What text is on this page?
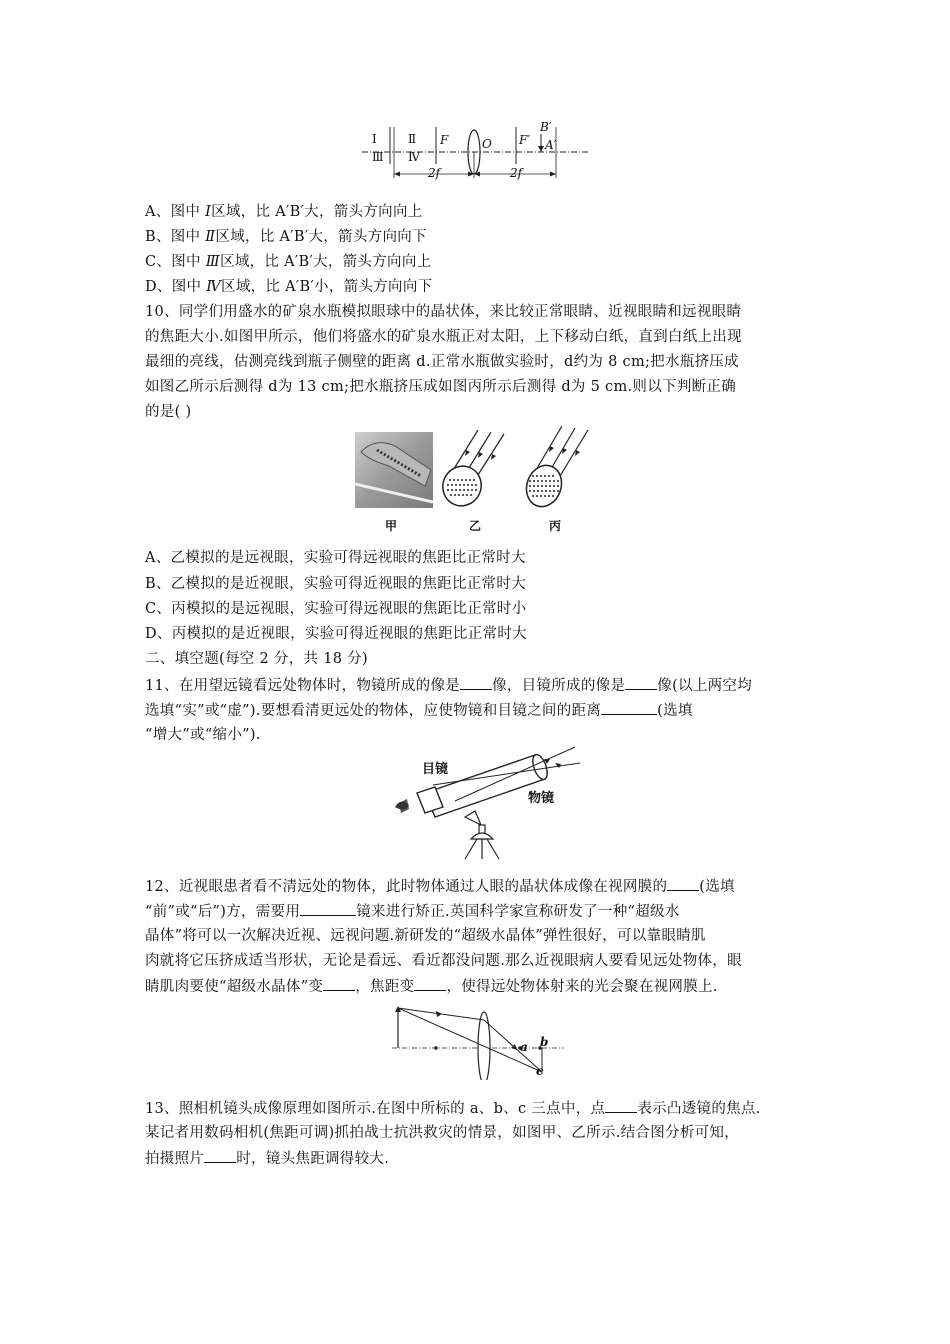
Ⅰ
Ⅲ
Ⅱ
Ⅳ
F	O F′
B′
A′
2f	2f
A、图中 Ⅰ区域，比 A′B′大，箭头方向向上
B、图中 Ⅱ区域，比 A′B′大，箭头方向向下
C、图中 Ⅲ区域，比 A′B′大，箭头方向向上
D、图中 Ⅳ区域，比 A′B′小，箭头方向向下
10、同学们用盛水的矿泉水瓶模拟眼球中的晶状体，来比较正常眼睛、近视眼睛和远视眼睛
的焦距大小.如图甲所示，他们将盛水的矿泉水瓶正对太阳，上下移动白纸，直到白纸上出现
最细的亮线，估测亮线到瓶子侧壁的距离 d.正常水瓶做实验时，d约为 8 cm;把水瓶挤压成
如图乙所示后测得 d为 13 cm;把水瓶挤压成如图丙所示后测得 d为 5 cm.则以下判断正确
的是( )
甲	乙	丙
A、乙模拟的是远视眼，实验可得远视眼的焦距比正常时大
B、乙模拟的是近视眼，实验可得近视眼的焦距比正常时大
C、丙模拟的是远视眼，实验可得远视眼的焦距比正常时小
D、丙模拟的是近视眼，实验可得近视眼的焦距比正常时大
二、填空题(每空 2 分，共 18 分)
11、在用望远镜看远处物体时，物镜所成的像是 像，目镜所成的像是 像(以上两空均
选填“实”或“虚”).要想看清更远处的物体，应使物镜和目镜之间的距离	(选填
“增大”或“缩小”).
目镜
物镜
12、近视眼患者看不清远处的物体，此时物体通过人眼的晶状体成像在视网膜的 (选填
“前”或“后”)方，需要用	镜来进行矫正.英国科学家宣称研发了一种“超级水
晶体”将可以一次解决近视、远视问题.新研发的“超级水晶体”弹性很好，可以靠眼睛肌
肉就将它压挤成适当形状，无论是看远、看近都没问题.那么近视眼病人要看见远处物体，眼
睛肌肉要使“超级水晶体”变 ，焦距变 ，使得远处物体射来的光会聚在视网膜上.
a b
c
13、照相机镜头成像原理如图所示.在图中所标的 a、b、c 三点中，点 表示凸透镜的焦点.
某记者用数码相机(焦距可调)抓拍战士抗洪救灾的情景，如图甲、乙所示.结合图分析可知，
拍摄照片 时，镜头焦距调得较大.
